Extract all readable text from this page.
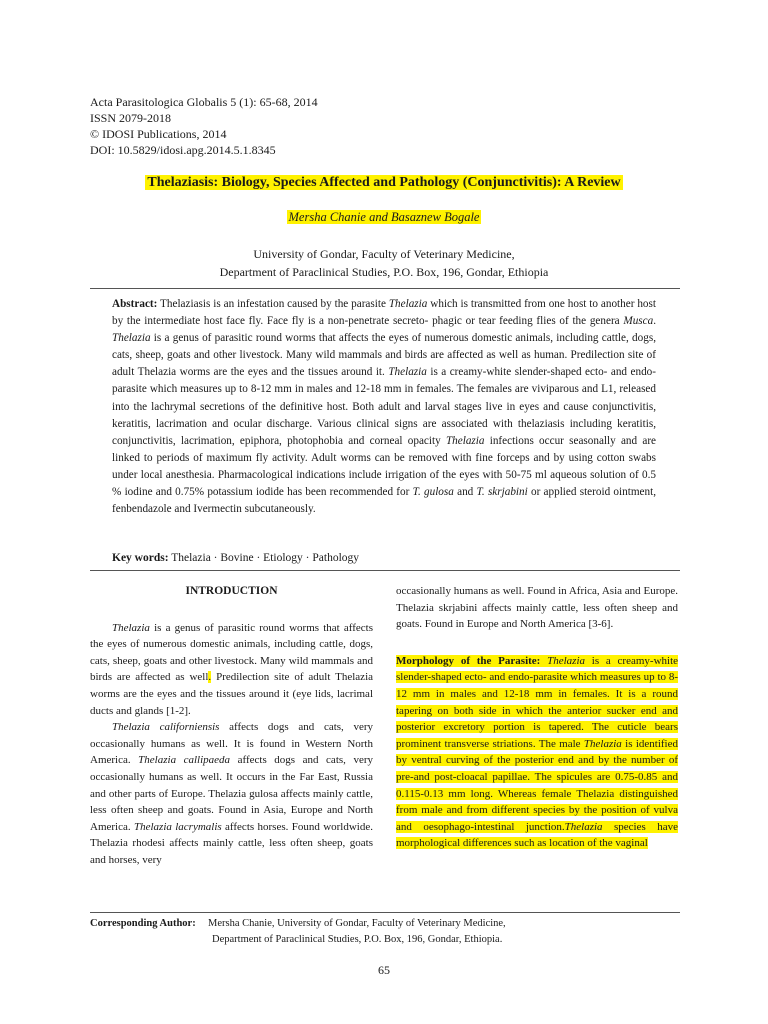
Acta Parasitologica Globalis 5 (1): 65-68, 2014
ISSN 2079-2018
© IDOSI Publications, 2014
DOI: 10.5829/idosi.apg.2014.5.1.8345
Thelaziasis: Biology, Species Affected and Pathology (Conjunctivitis): A Review
Mersha Chanie and Basaznew Bogale
University of Gondar, Faculty of Veterinary Medicine,
Department of Paraclinical Studies, P.O. Box, 196, Gondar, Ethiopia

Abstract: Thelaziasis is an infestation caused by the parasite Thelazia which is transmitted from one host to another host by the intermediate host face fly. Face fly is a non-penetrate secreto- phagic or tear feeding flies of the genera Musca. Thelazia is a genus of parasitic round worms that affects the eyes of numerous domestic animals, including cattle, dogs, cats, sheep, goats and other livestock. Many wild mammals and birds are affected as well as human. Predilection site of adult Thelazia worms are the eyes and the tissues around it. Thelazia is a creamy-white slender-shaped ecto- and endo-parasite which measures up to 8-12 mm in males and 12-18 mm in females. The females are viviparous and L1, released into the lachrymal secretions of the definitive host. Both adult and larval stages live in eyes and cause conjunctivitis, keratitis, lacrimation and ocular discharge. Various clinical signs are associated with thelaziasis including keratitis, conjunctivitis, lacrimation, epiphora, photophobia and corneal opacity Thelazia infections occur seasonally and are linked to periods of maximum fly activity. Adult worms can be removed with fine forceps and by using cotton swabs under local anesthesia. Pharmacological indications include irrigation of the eyes with 50-75 ml aqueous solution of 0.5 % iodine and 0.75% potassium iodide has been recommended for T. gulosa and T. skrjabini or applied steroid ointment, fenbendazole and Ivermectin subcutaneously.

Key words: Thelazia · Bovine · Etiology · Pathology

INTRODUCTION

Thelazia is a genus of parasitic round worms that affects the eyes of numerous domestic animals, including cattle, dogs, cats, sheep, goats and other livestock. Many wild mammals and birds are affected as well. Predilection site of adult Thelazia worms are the eyes and the tissues around it (eye lids, lacrimal ducts and glands [1-2].

Thelazia californiensis affects dogs and cats, very occasionally humans as well. It is found in Western North America. Thelazia callipaeda affects dogs and cats, very occasionally humans as well. It occurs in the Far East, Russia and other parts of Europe. Thelazia gulosa affects mainly cattle, less often sheep and goats. Found in Asia, Europe and North America. Thelazia lacrymalis affects horses. Found worldwide. Thelazia rhodesi affects mainly cattle, less often sheep, goats and horses, very

occasionally humans as well. Found in Africa, Asia and Europe. Thelazia skrjabini affects mainly cattle, less often sheep and goats. Found in Europe and North America [3-6].

Morphology of the Parasite: Thelazia is a creamy-white slender-shaped ecto- and endo-parasite which measures up to 8-12 mm in males and 12-18 mm in females. It is a round tapering on both side in which the anterior sucker end and posterior excretory portion is tapered. The cuticle bears prominent transverse striations. The male Thelazia is identified by ventral curving of the posterior end and by the number of pre-and post-cloacal papillae. The spicules are 0.75-0.85 and 0.115-0.13 mm long. Whereas female Thelazia distinguished from male and from different species by the position of vulva and oesophago-intestinal junction.Thelazia species have morphological differences such as location of the vaginal

Corresponding Author: Mersha Chanie, University of Gondar, Faculty of Veterinary Medicine,
Department of Paraclinical Studies, P.O. Box, 196, Gondar, Ethiopia.
65
